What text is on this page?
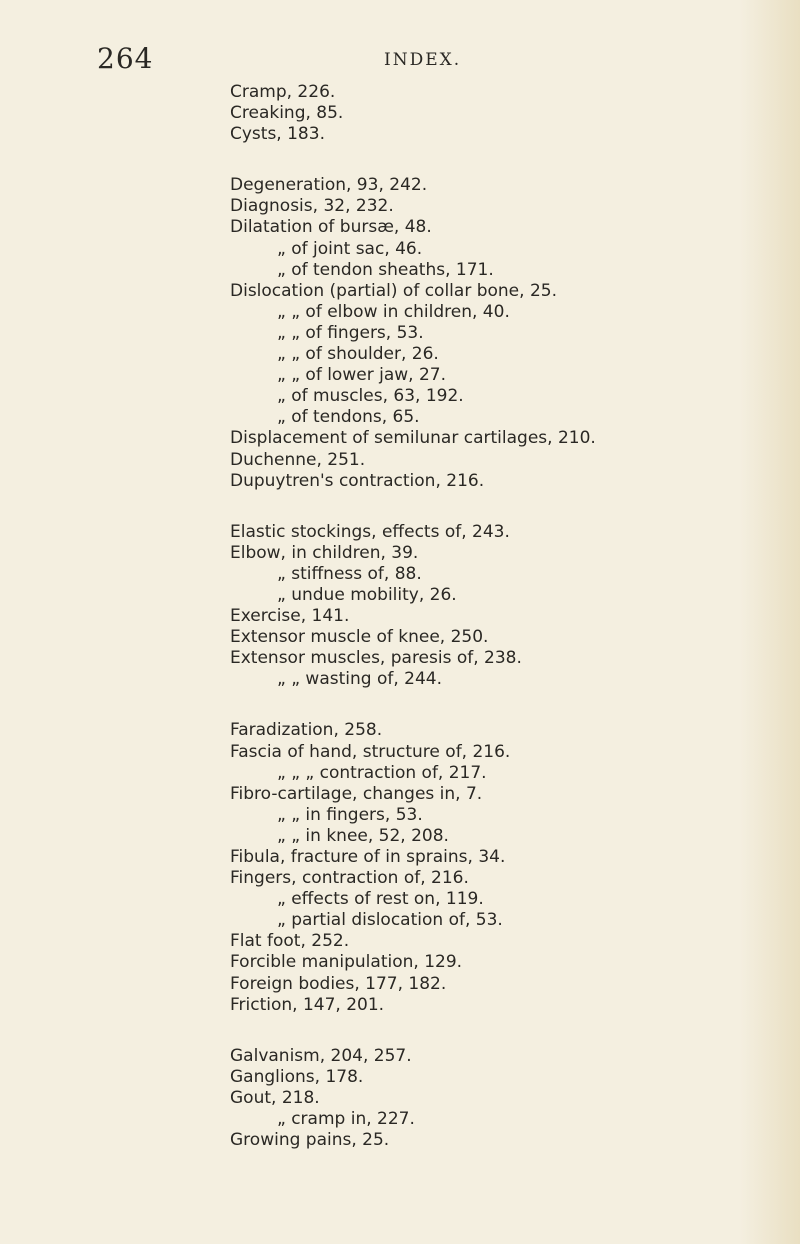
264	INDEX.
Cramp, 226.
Creaking, 85.
Cysts, 183.
Degeneration, 93, 242.
Diagnosis, 32, 232.
Dilatation of bursæ, 48.
„ of joint sac, 46.
„ of tendon sheaths, 171.
Dislocation (partial) of collar bone, 25.
„ „ of elbow in children, 40.
„ „ of fingers, 53.
„ „ of shoulder, 26.
„ „ of lower jaw, 27.
„ of muscles, 63, 192.
„ of tendons, 65.
Displacement of semilunar cartilages, 210.
Duchenne, 251.
Dupuytren's contraction, 216.
Elastic stockings, effects of, 243.
Elbow, in children, 39.
„ stiffness of, 88.
„ undue mobility, 26.
Exercise, 141.
Extensor muscle of knee, 250.
Extensor muscles, paresis of, 238.
„ „ wasting of, 244.
Faradization, 258.
Fascia of hand, structure of, 216.
„ „ „ contraction of, 217.
Fibro-cartilage, changes in, 7.
„ „ in fingers, 53.
„ „ in knee, 52, 208.
Fibula, fracture of in sprains, 34.
Fingers, contraction of, 216.
„ effects of rest on, 119.
„ partial dislocation of, 53.
Flat foot, 252.
Forcible manipulation, 129.
Foreign bodies, 177, 182.
Friction, 147, 201.
Galvanism, 204, 257.
Ganglions, 178.
Gout, 218.
„ cramp in, 227.
Growing pains, 25.
